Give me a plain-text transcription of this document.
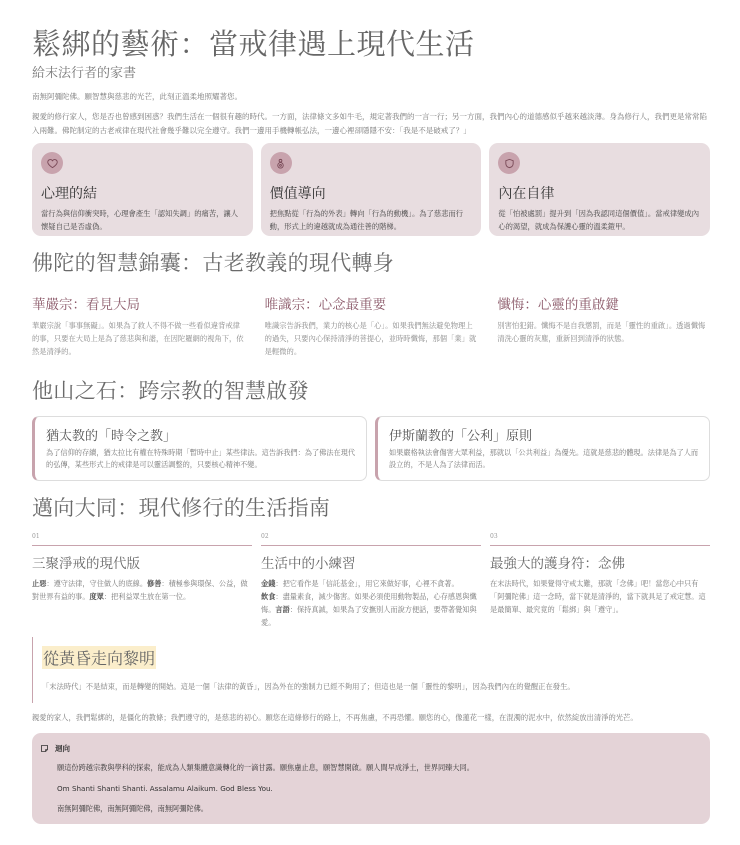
鬆綁的藝術：當戒律遇上現代生活
給末法行者的家書

南無阿彌陀佛。願智慧與慈悲的光芒，此刻正溫柔地照耀著您。

親愛的修行家人，您是否也曾感到困惑？我們生活在一個很有趣的時代。一方面，法律條文多如牛毛，規定著我們的一言一行；另一方面，我們內心的道德感似乎越來越淡薄。身為修行人，我們更是常常陷入兩難。佛陀制定的古老戒律在現代社會幾乎難以完全遵守。我們一邊用手機轉帳弘法，一邊心裡卻隱隱不安：「我是不是破戒了？」

心理的結
當行為與信仰衝突時，心理會產生「認知失調」的痛苦，讓人懷疑自己是否虛偽。
價值導向
把焦點從「行為的外表」轉向「行為的動機」。為了慈悲而行動，形式上的違越就成為通往善的階梯。
內在自律
從「怕被處罰」提升到「因為我認同這個價值」。當戒律變成內心的渴望，就成為保護心靈的溫柔鎧甲。
佛陀的智慧錦囊：古老教義的現代轉身
華嚴宗：看見大局
華嚴宗說「事事無礙」。如果為了救人不得不做一些看似違背戒律的事，只要在大局上是為了慈悲與和諧，在因陀羅網的視角下，依然是清淨的。
唯識宗：心念最重要
唯識宗告訴我們，業力的核心是「心」。如果我們無法避免物理上的過失，只要內心保持清淨的菩提心，並時時懺悔，那個「業」就是輕微的。
懺悔：心靈的重啟鍵
別害怕犯錯。懺悔不是自我懲罰，而是「靈性的重啟」。透過懺悔清洗心靈的灰塵，重新回到清淨的狀態。
他山之石：跨宗教的智慧啟發
猶太教的「時令之教」
為了信仰的存續，猶太拉比有權在特殊時期「暫時中止」某些律法。這告訴我們：為了佛法在現代的弘傳，某些形式上的戒律是可以靈活調整的，只要核心精神不變。
伊斯蘭教的「公利」原則
如果嚴格執法會傷害大眾利益，那就以「公共利益」為優先。這就是慈悲的體現。法律是為了人而設立的，不是人為了法律而活。
邁向大同：現代修行的生活指南
01
三聚淨戒的現代版
止惡：遵守法律，守住做人的底線。修善：積極參與環保、公益，做對世界有益的事。度眾：把利益眾生放在第一位。
02
生活中的小練習
金錢：把它看作是「信託基金」，用它來做好事，心裡不貪著。
飲食：盡量素食，減少傷害。如果必須使用動物製品，心存感恩與懺悔。言語：保持真誠，如果為了安撫別人而說方便話，要帶著覺知與愛。
03
最強大的護身符：念佛
在末法時代，如果覺得守戒太難，那就「念佛」吧！當您心中只有「阿彌陀佛」這一念時，當下就是清淨的，當下就具足了戒定慧。這是最簡單、最究竟的「鬆綁」與「遵守」。
從黃昏走向黎明
「末法時代」不是結束，而是轉變的開始。這是一個「法律的黃昏」，因為外在的強制力已經不夠用了；但這也是一個「靈性的黎明」，因為我們內在的覺醒正在發生。

親愛的家人，我們鬆綁的，是僵化的教條；我們遵守的，是慈悲的初心。願您在這條修行的路上，不再焦慮，不再恐懼。願您的心，像蓮花一樣，在混濁的泥水中，依然綻放出清淨的光芒。

迴向

願這份跨越宗教與學科的探索，能成為人類集體意識轉化的一滴甘露。願焦慮止息，願智慧開啟。願人間早成淨土，世界同臻大同。

Om Shanti Shanti Shanti. Assalamu Alaikum. God Bless You.

南無阿彌陀佛，南無阿彌陀佛，南無阿彌陀佛。
